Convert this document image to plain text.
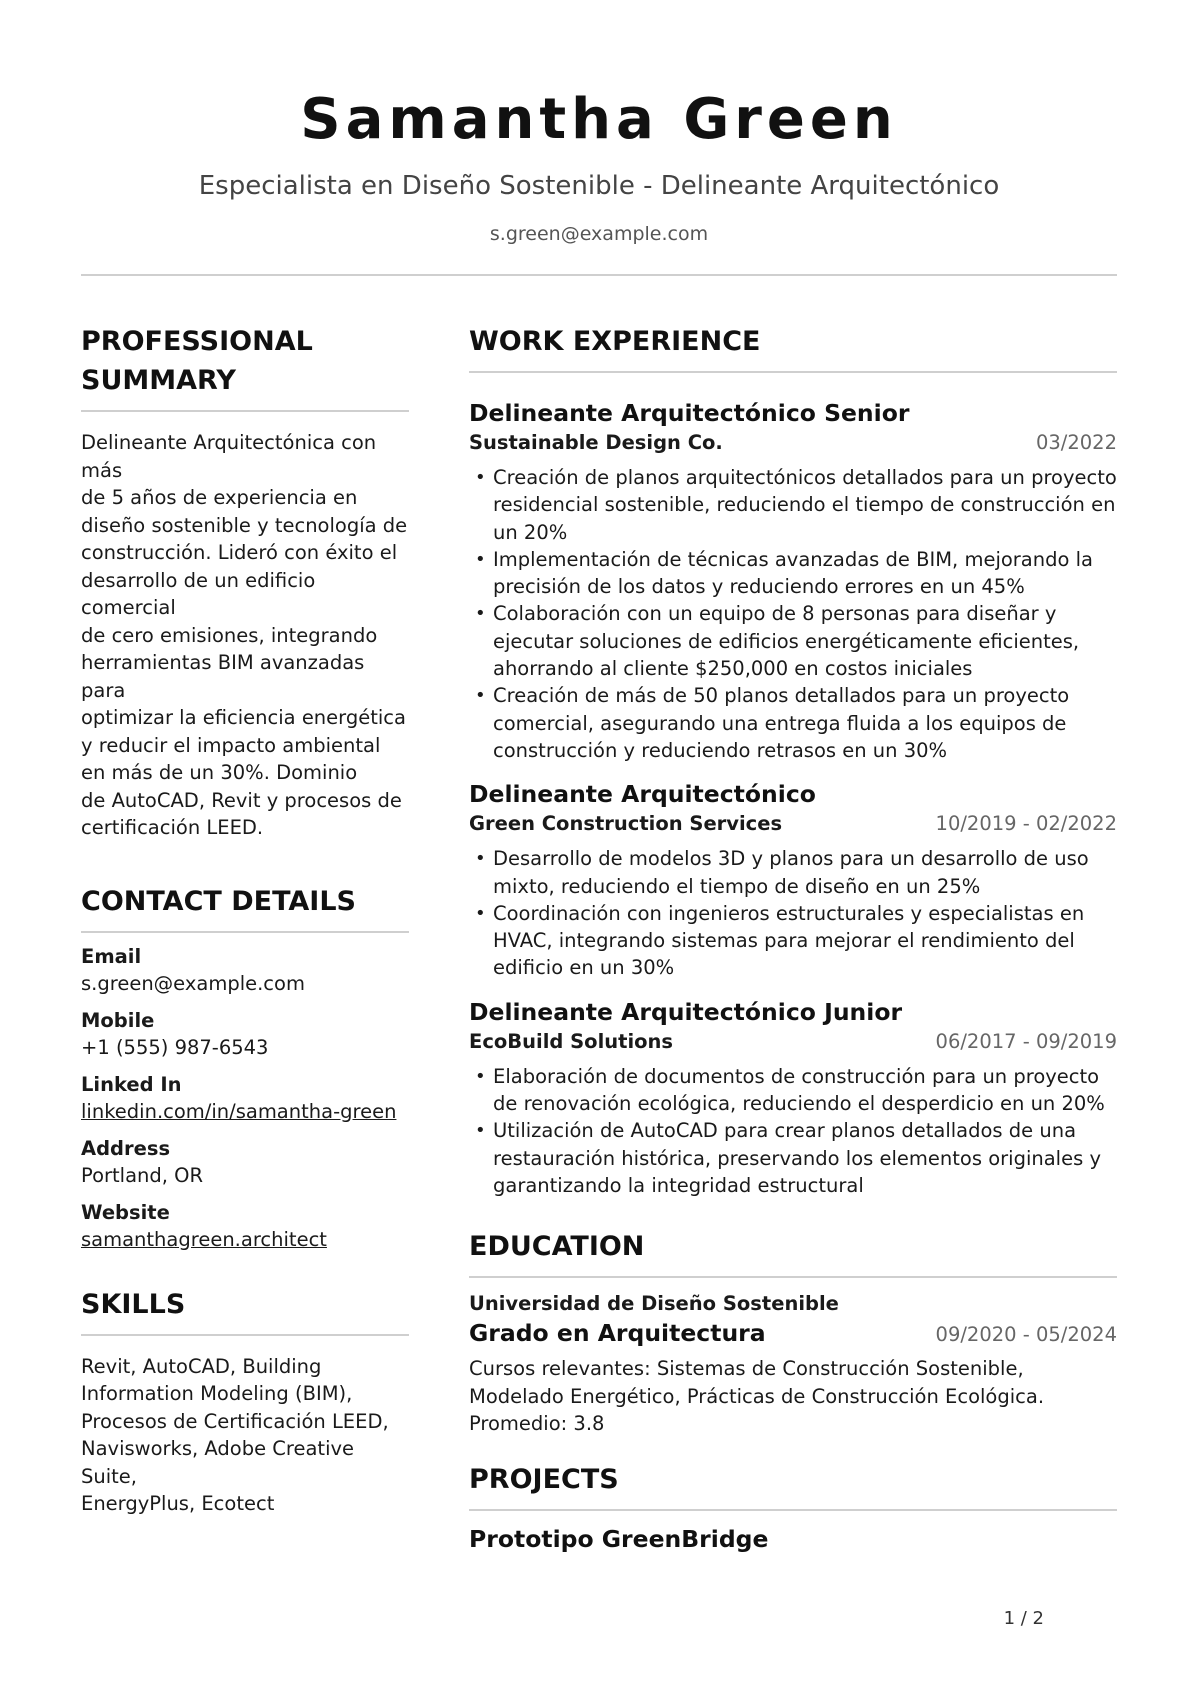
Samantha Green
Especialista en Diseño Sostenible - Delineante Arquitectónico
s.green@example.com
PROFESSIONAL
SUMMARY
Delineante Arquitectónica con más
de 5 años de experiencia en
diseño sostenible y tecnología de
construcción. Lideró con éxito el
desarrollo de un edificio comercial
de cero emisiones, integrando
herramientas BIM avanzadas para
optimizar la eficiencia energética
y reducir el impacto ambiental
en más de un 30%. Dominio
de AutoCAD, Revit y procesos de
certificación LEED.
CONTACT DETAILS
Email
s.green@example.com
Mobile
+1 (555) 987-6543
Linked In
linkedin.com/in/samantha-green
Address
Portland, OR
Website
samanthagreen.architect
SKILLS
Revit, AutoCAD, Building
Information Modeling (BIM),
Procesos de Certificación LEED,
Navisworks, Adobe Creative Suite,
EnergyPlus, Ecotect
WORK EXPERIENCE
Delineante Arquitectónico Senior
Sustainable Design Co.	03/2022
• Creación de planos arquitectónicos detallados para un proyecto residencial sostenible, reduciendo el tiempo de construcción en un 20%
• Implementación de técnicas avanzadas de BIM, mejorando la precisión de los datos y reduciendo errores en un 45%
• Colaboración con un equipo de 8 personas para diseñar y ejecutar soluciones de edificios energéticamente eficientes, ahorrando al cliente $250,000 en costos iniciales
• Creación de más de 50 planos detallados para un proyecto comercial, asegurando una entrega fluida a los equipos de construcción y reduciendo retrasos en un 30%
Delineante Arquitectónico
Green Construction Services	10/2019 - 02/2022
• Desarrollo de modelos 3D y planos para un desarrollo de uso mixto, reduciendo el tiempo de diseño en un 25%
• Coordinación con ingenieros estructurales y especialistas en HVAC, integrando sistemas para mejorar el rendimiento del edificio en un 30%
Delineante Arquitectónico Junior
EcoBuild Solutions	06/2017 - 09/2019
• Elaboración de documentos de construcción para un proyecto de renovación ecológica, reduciendo el desperdicio en un 20%
• Utilización de AutoCAD para crear planos detallados de una restauración histórica, preservando los elementos originales y garantizando la integridad estructural
EDUCATION
Universidad de Diseño Sostenible
Grado en Arquitectura	09/2020 - 05/2024
Cursos relevantes: Sistemas de Construcción Sostenible, Modelado Energético, Prácticas de Construcción Ecológica. Promedio: 3.8
PROJECTS
Prototipo GreenBridge
1 / 2
